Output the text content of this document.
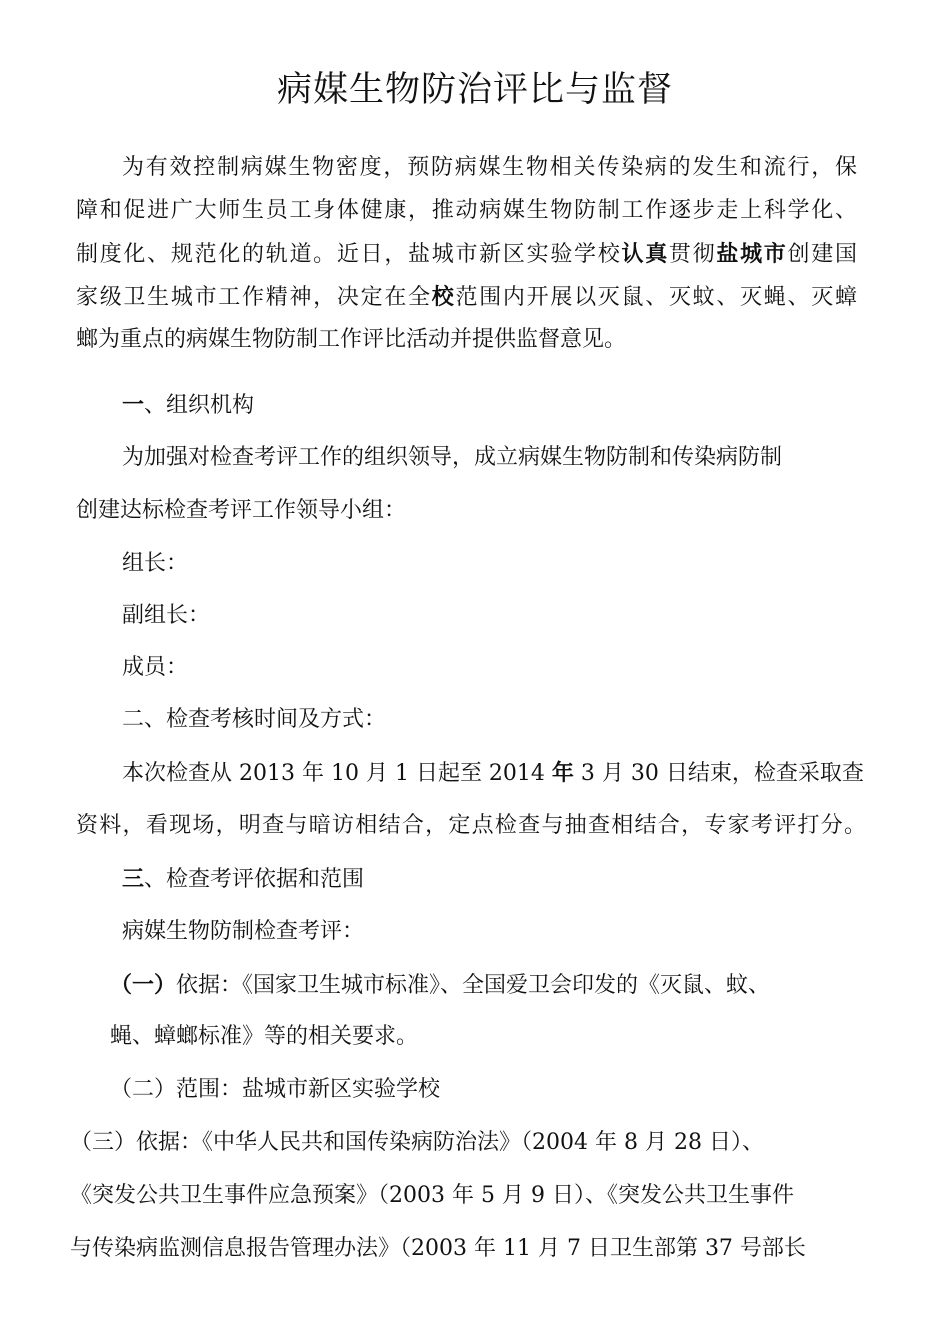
病媒生物防治评比与监督
为有效控制病媒生物密度，预防病媒生物相关传染病的发生和流行，保
障和促进广大师生员工身体健康，推动病媒生物防制工作逐步走上科学化、
制度化、规范化的轨道。近日，盐城市新区实验学校认真贯彻盐城市创建国
家级卫生城市工作精神，决定在全校范围内开展以灭鼠、灭蚊、灭蝇、灭蟑
螂为重点的病媒生物防制工作评比活动并提供监督意见。
一、组织机构
为加强对检查考评工作的组织领导，成立病媒生物防制和传染病防制
创建达标检查考评工作领导小组：
组长：
副组长：
成员：
二、检查考核时间及方式：
本次检查从 2013 年 10 月 1 日起至 2014 年 3 月 30 日结束，检查采取查
资料，看现场，明查与暗访相结合，定点检查与抽查相结合，专家考评打分。
三、检查考评依据和范围
病媒生物防制检查考评：
（一）依据：《国家卫生城市标准》、全国爱卫会印发的《灭鼠、蚊、
蝇、蟑螂标准》等的相关要求。
（二）范围：盐城市新区实验学校
（三）依据：《中华人民共和国传染病防治法》（2004 年 8 月 28 日）、
《突发公共卫生事件应急预案》（2003 年 5 月 9 日）、《突发公共卫生事件
与传染病监测信息报告管理办法》（2003 年 11 月 7 日卫生部第 37 号部长
